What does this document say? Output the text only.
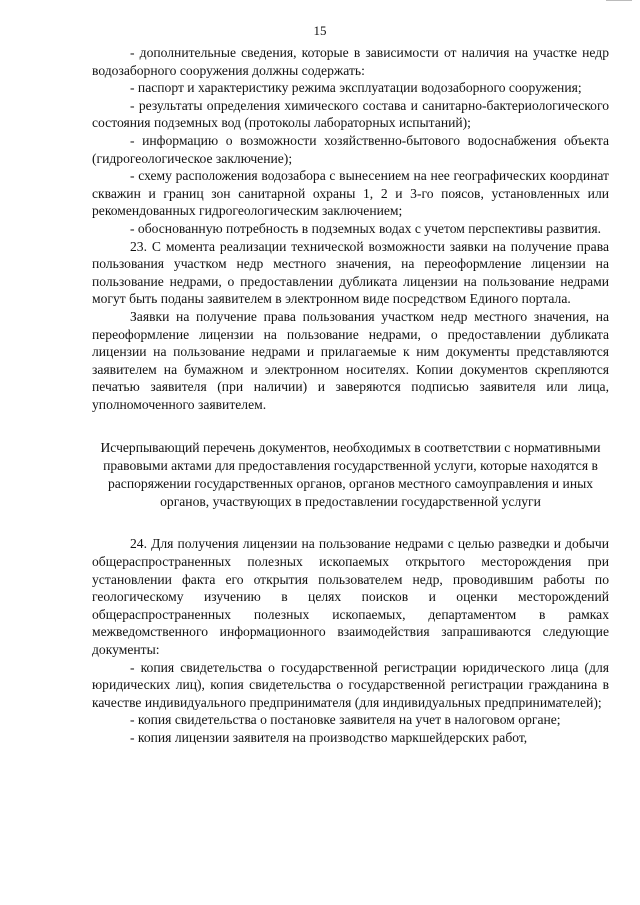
15

- дополнительные сведения, которые в зависимости от наличия на участке недр водозаборного сооружения должны содержать:

- паспорт и характеристику режима эксплуатации водозаборного сооружения;

- результаты определения химического состава и санитарно-бактериологического состояния подземных вод (протоколы лабораторных испытаний);

- информацию о возможности хозяйственно-бытового водоснабжения объекта (гидрогеологическое заключение);

- схему расположения водозабора с вынесением на нее географических координат скважин и границ зон санитарной охраны 1, 2 и 3-го поясов, установленных или рекомендованных гидрогеологическим заключением;

- обоснованную потребность в подземных водах с учетом перспективы развития.

23. С момента реализации технической возможности заявки на получение права пользования участком недр местного значения, на переоформление лицензии на пользование недрами, о предоставлении дубликата лицензии на пользование недрами могут быть поданы заявителем в электронном виде посредством Единого портала.

Заявки на получение права пользования участком недр местного значения, на переоформление лицензии на пользование недрами, о предоставлении дубликата лицензии на пользование недрами и прилагаемые к ним документы представляются заявителем на бумажном и электронном носителях. Копии документов скрепляются печатью заявителя (при наличии) и заверяются подписью заявителя или лица, уполномоченного заявителем.

Исчерпывающий перечень документов, необходимых в соответствии с нормативными правовыми актами для предоставления государственной услуги, которые находятся в распоряжении государственных органов, органов местного самоуправления и иных органов, участвующих в предоставлении государственной услуги

24. Для получения лицензии на пользование недрами с целью разведки и добычи общераспространенных полезных ископаемых открытого месторождения при установлении факта его открытия пользователем недр, проводившим работы по геологическому изучению в целях поисков и оценки месторождений общераспространенных полезных ископаемых, департаментом в рамках межведомственного информационного взаимодействия запрашиваются следующие документы:

- копия свидетельства о государственной регистрации юридического лица (для юридических лиц), копия свидетельства о государственной регистрации гражданина в качестве индивидуального предпринимателя (для индивидуальных предпринимателей);

- копия свидетельства о постановке заявителя на учет в налоговом органе;

- копия лицензии заявителя на производство маркшейдерских работ,
